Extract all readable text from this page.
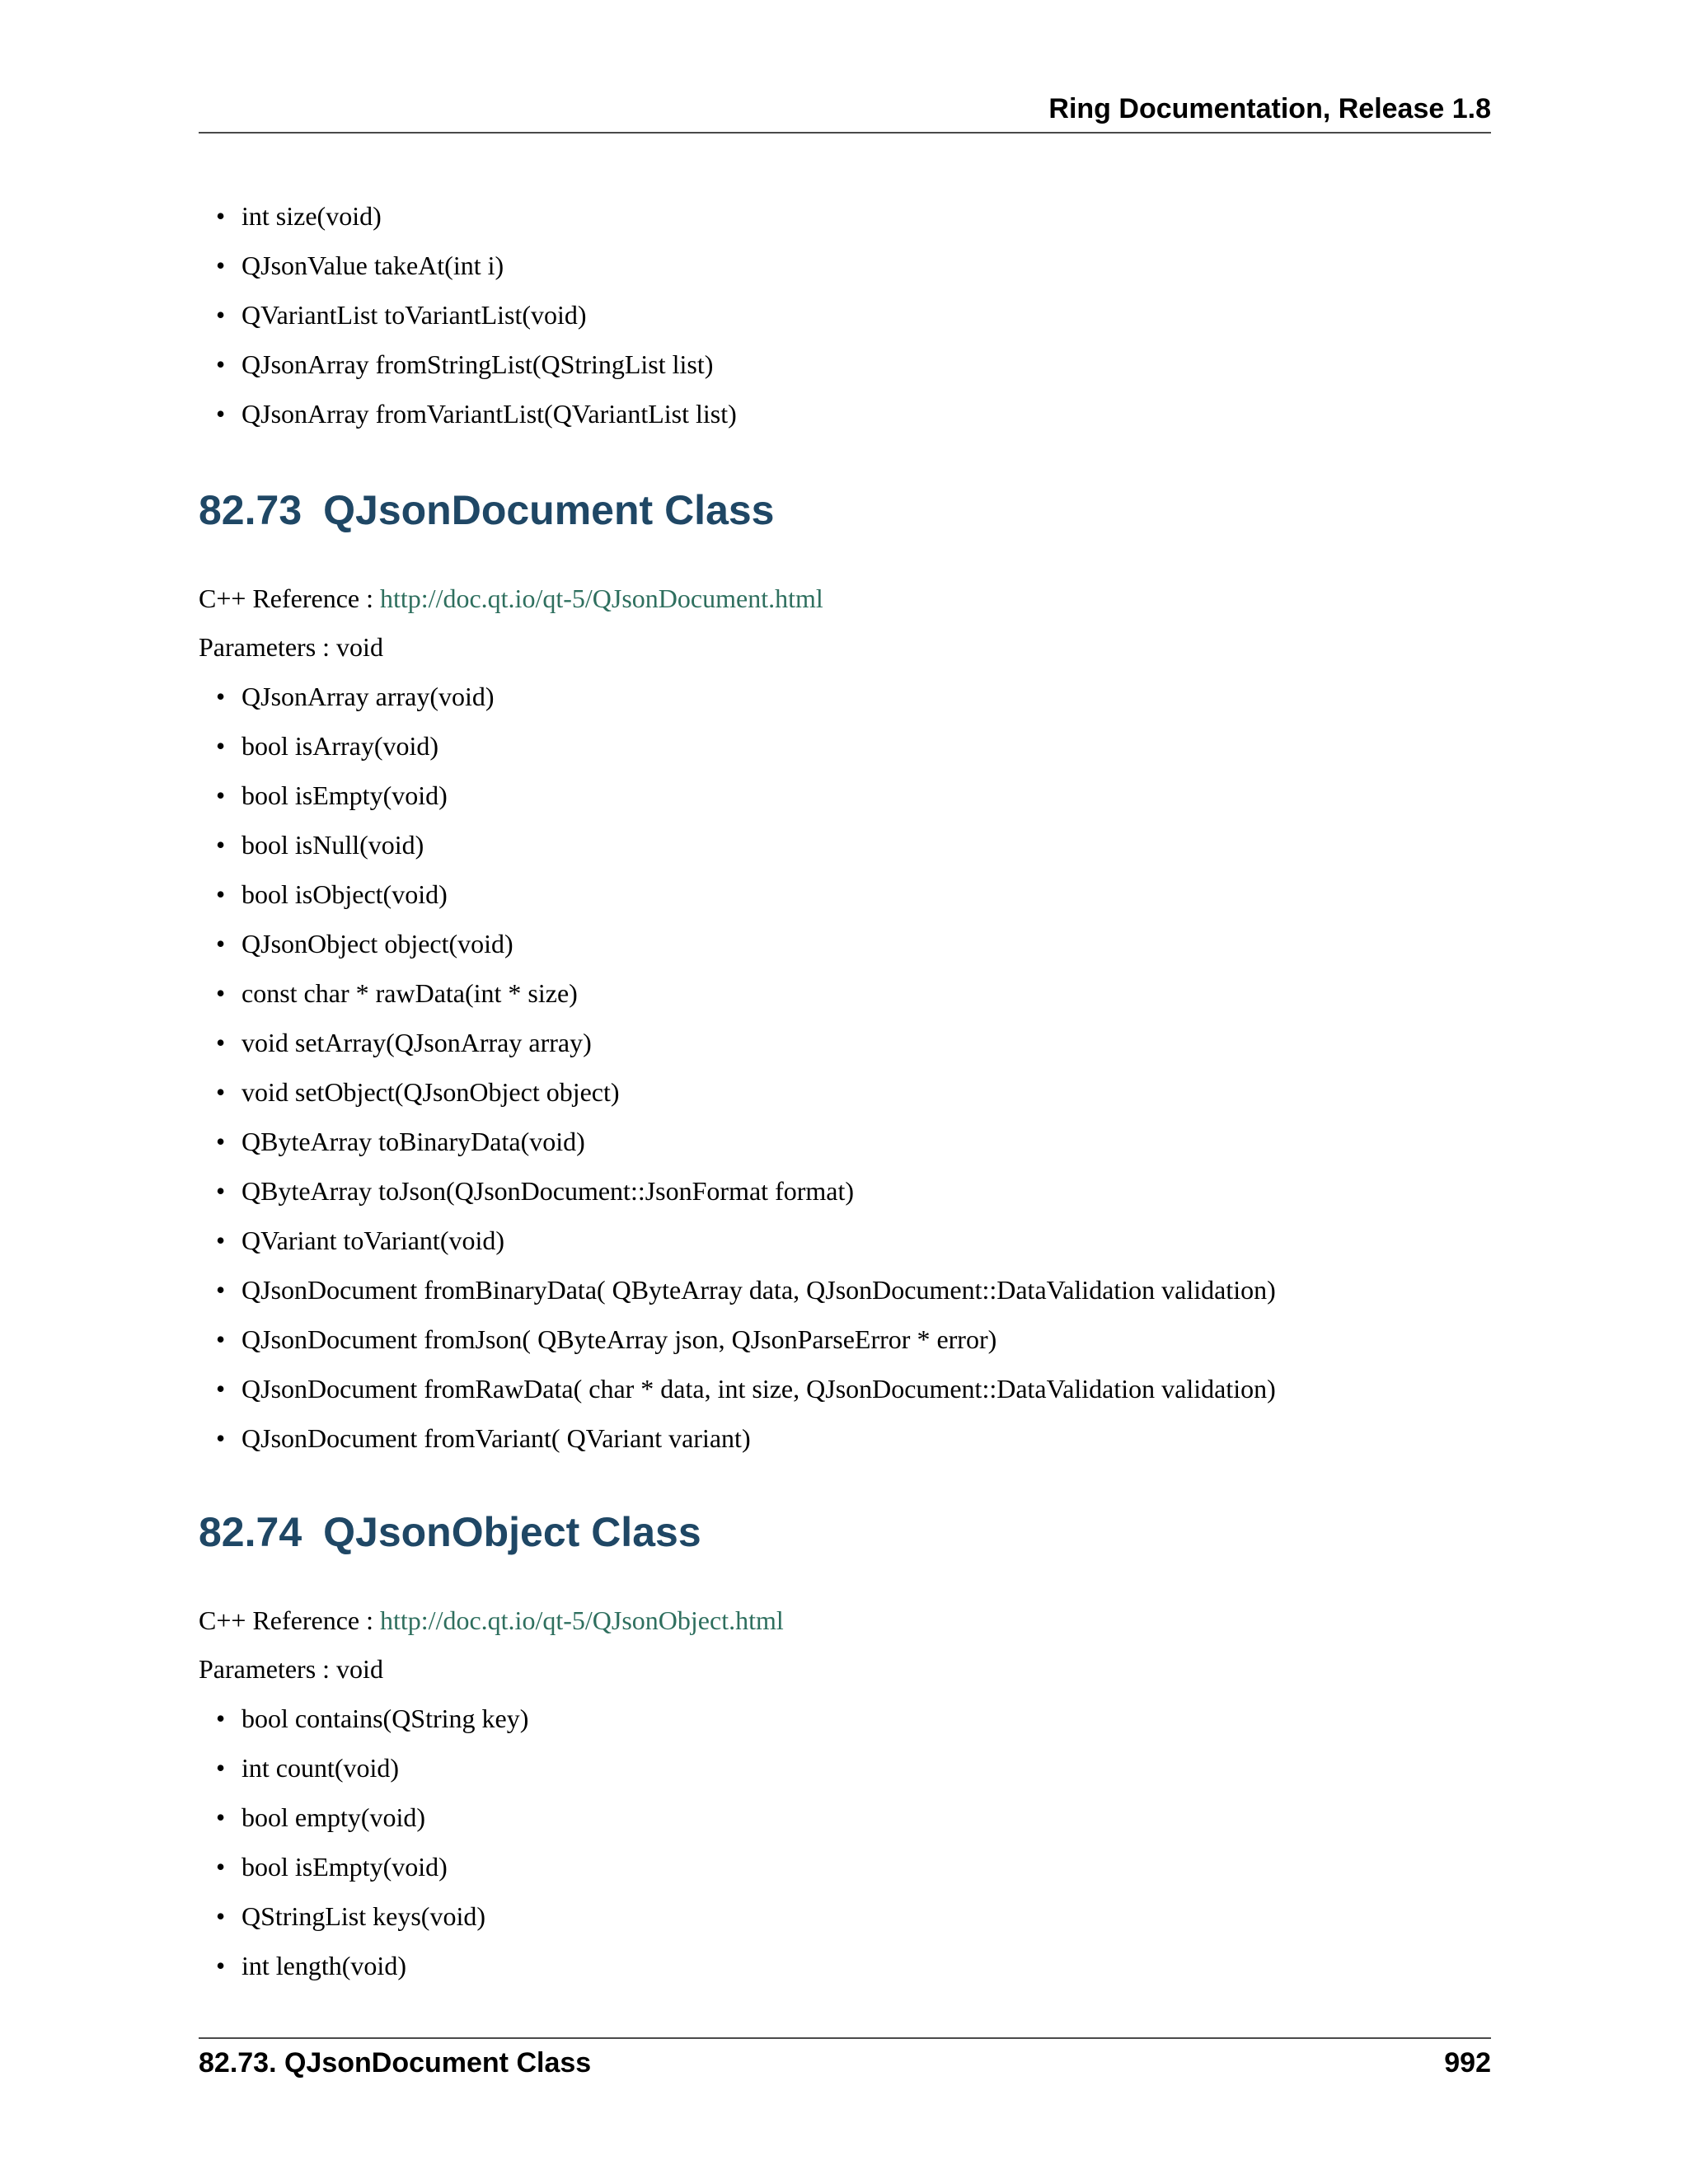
Ring Documentation, Release 1.8
• int size(void)
• QJsonValue takeAt(int i)
• QVariantList toVariantList(void)
• QJsonArray fromStringList(QStringList list)
• QJsonArray fromVariantList(QVariantList list)
82.73 QJsonDocument Class

C++ Reference : http://doc.qt.io/qt-5/QJsonDocument.html

Parameters : void

• QJsonArray array(void)
• bool isArray(void)
• bool isEmpty(void)
• bool isNull(void)
• bool isObject(void)
• QJsonObject object(void)
• const char * rawData(int * size)
• void setArray(QJsonArray array)
• void setObject(QJsonObject object)
• QByteArray toBinaryData(void)
• QByteArray toJson(QJsonDocument::JsonFormat format)
• QVariant toVariant(void)
• QJsonDocument fromBinaryData( QByteArray data, QJsonDocument::DataValidation validation)
• QJsonDocument fromJson( QByteArray json, QJsonParseError * error)
• QJsonDocument fromRawData( char * data, int size, QJsonDocument::DataValidation validation)
• QJsonDocument fromVariant( QVariant variant)
82.74 QJsonObject Class

C++ Reference : http://doc.qt.io/qt-5/QJsonObject.html

Parameters : void

• bool contains(QString key)
• int count(void)
• bool empty(void)
• bool isEmpty(void)
• QStringList keys(void)
• int length(void)
82.73. QJsonDocument Class	992
